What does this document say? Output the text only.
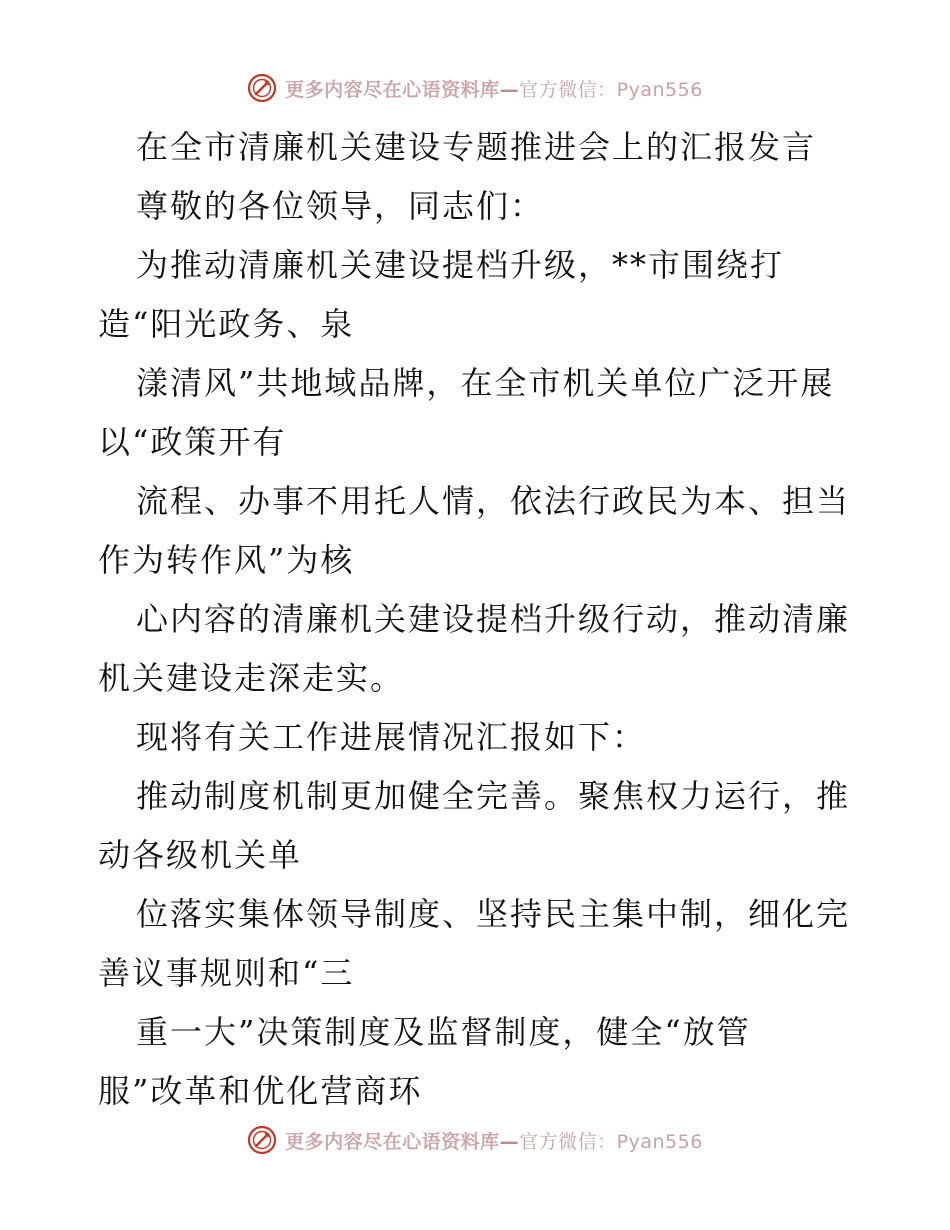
更多内容尽在心语资料库—官方微信：Pyan556
在全市清廉机关建设专题推进会上的汇报发言
尊敬的各位领导，同志们：
为推动清廉机关建设提档升级，**市围绕打
造“阳光政务、泉
漾清风”共地域品牌，在全市机关单位广泛开展
以“政策开有
流程、办事不用托人情，依法行政民为本、担当
作为转作风”为核
心内容的清廉机关建设提档升级行动，推动清廉
机关建设走深走实。
现将有关工作进展情况汇报如下：
推动制度机制更加健全完善。聚焦权力运行，推
动各级机关单
位落实集体领导制度、坚持民主集中制，细化完
善议事规则和“三
重一大”决策制度及监督制度，健全“放管
服”改革和优化营商环
更多内容尽在心语资料库—官方微信：Pyan556
